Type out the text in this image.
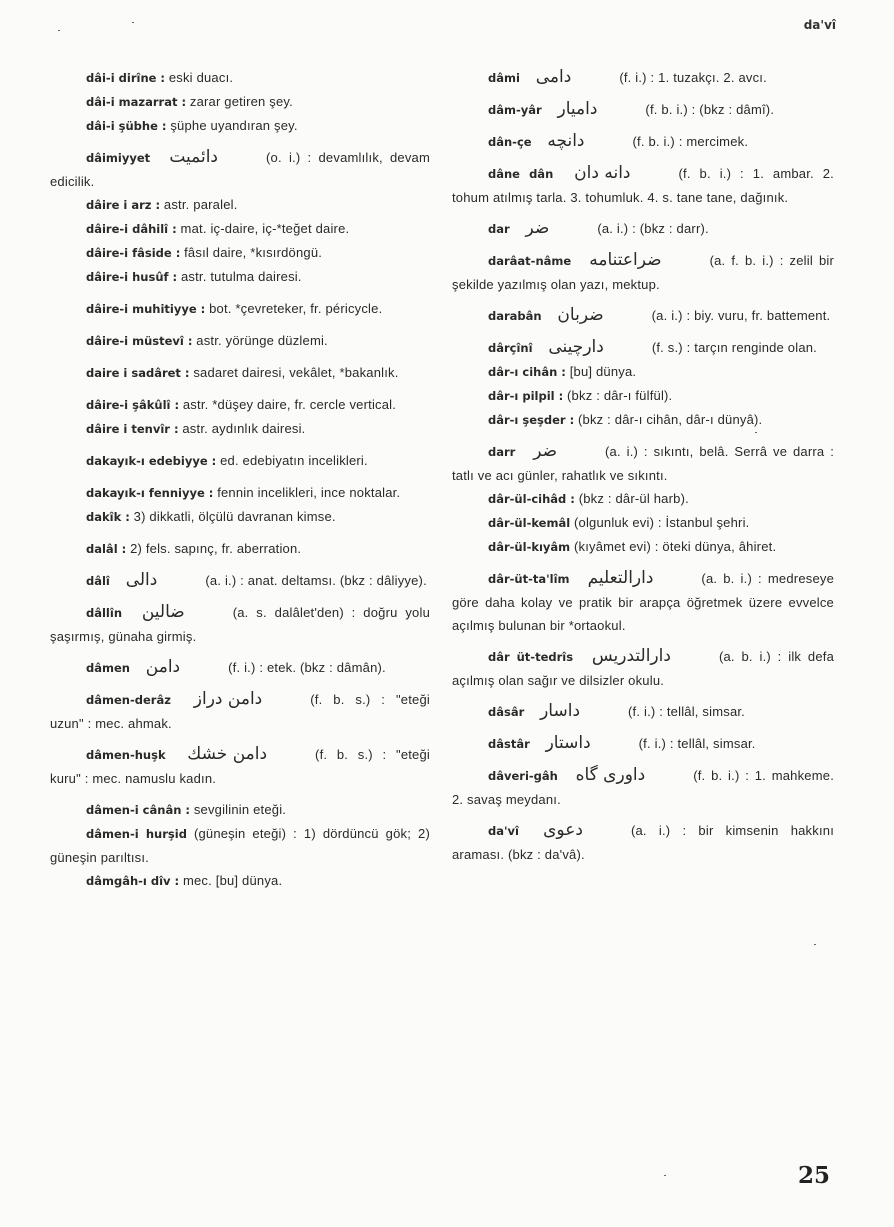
da'vî

dâi-i dirîne : eski duacı.

dâi-i mazarrat : zarar getiren şey.

dâi-i şübhe : şüphe uyandıran şey.

dâimiyyet دائميت	(o. i.) : devamlılık, devam edicilik.

dâire i arz : astr. paralel.

dâire-i dâhilî : mat. iç-daire, iç-*teğet daire.

dâire-i fâside : fâsıl daire, *kısırdöngü.

dâire-i husûf : astr. tutulma dairesi.

dâire-i muhitiyye : bot. *çevreteker, fr. péricycle.

dâire-i müstevî : astr. yörünge düzlemi.

daire i sadâret : sadaret dairesi, vekâlet, *bakanlık.

dâire-i şâkûlî : astr. *düşey daire, fr. cercle vertical.

dâire i tenvîr : astr. aydınlık dairesi.

dakayık-ı edebiyye : ed. edebiyatın incelikleri.

dakayık-ı fenniyye : fennin incelikleri, ince noktalar.

dakîk : 3) dikkatli, ölçülü davranan kimse.

dalâl : 2) fels. sapınç, fr. aberration.

dâlî دالى	(a. i.) : anat. deltamsı. (bkz : dâliyye).

dâllîn ضالين	(a. s. dalâlet'den) : doğru yolu şaşırmış, günaha girmiş.

dâmen دامن	(f. i.) : etek. (bkz : dâmân).

dâmen-derâz دامن دراز	(f. b. s.) : "eteği uzun" : mec. ahmak.

dâmen-huşk دامن خشك	(f. b. s.) : "eteği kuru" : mec. namuslu kadın.

dâmen-i cânân : sevgilinin eteği.

dâmen-i hurşid (güneşin eteği) : 1) dördüncü gök; 2) güneşin parıltısı.

dâmgâh-ı dîv : mec. [bu] dünya.

dâmi دامى	(f. i.) : 1. tuzakçı. 2. avcı.

dâm-yâr داميار	(f. b. i.) : (bkz : dâmî).

dân-çe دانچه	(f. b. i.) : mercimek.

dâne dân دانه دان	(f. b. i.) : 1. ambar. 2. tohum atılmış tarla. 3. tohumluk. 4. s. tane tane, dağınık.

dar ضر	(a. i.) : (bkz : darr).

darâat-nâme ضراعتنامه	(a. f. b. i.) : zelil bir şekilde yazılmış olan yazı, mektup.

darabân ضربان	(a. i.) : biy. vuru, fr. battement.

dârçînî دارچينى	(f. s.) : tarçın renginde olan.

dâr-ı cihân : [bu] dünya.

dâr-ı pilpil : (bkz : dâr-ı fülfül).

dâr-ı şeşder : (bkz : dâr-ı cihân, dâr-ı dünyâ).

darr ضر	(a. i.) : sıkıntı, belâ. Serrâ ve darra : tatlı ve acı günler, rahatlık ve sıkıntı.

dâr-ül-cihâd : (bkz : dâr-ül harb).

dâr-ül-kemâl (olgunluk evi) : İstanbul şehri.

dâr-ül-kıyâm (kıyâmet evi) : öteki dünya, âhiret.

dâr-üt-ta'lîm دارالتعليم	(a. b. i.) : medreseye göre daha kolay ve pratik bir arapça öğretmek üzere evvelce açılmış bulunan bir *ortaokul.

dâr üt-tedrîs دارالتدريس	(a. b. i.) : ilk defa açılmış olan sağır ve dilsizler okulu.

dâsâr داسار	(f. i.) : tellâl, simsar.

dâstâr داستار	(f. i.) : tellâl, simsar.

dâveri-gâh داورى گاه	(f. b. i.) : 1. mahkeme. 2. savaş meydanı.

da'vî دعوى	(a. i.) : bir kimsenin hakkını araması. (bkz : da'vâ).

25
